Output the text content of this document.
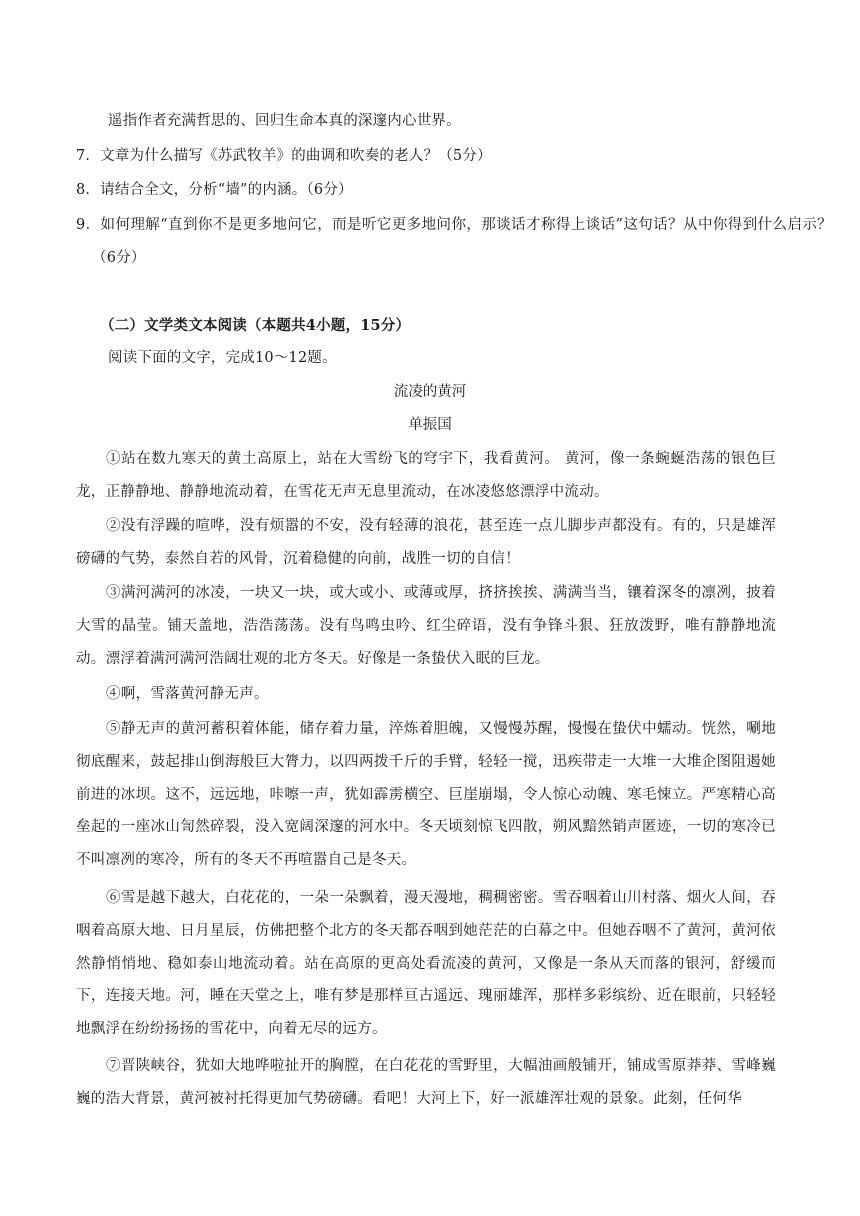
遥指作者充满哲思的、回归生命本真的深邃内心世界。
7．文章为什么描写《苏武牧羊》的曲调和吹奏的老人？（5分）
8．请结合全文，分析“墙”的内涵。（6分）
9．如何理解“直到你不是更多地问它，而是听它更多地问你，那谈话才称得上谈话”这句话？从中你得到什么启示？（6分）
（二）文学类文本阅读（本题共4小题，15分）
阅读下面的文字，完成10～12题。
流凌的黄河
单振国
①站在数九寒天的黄土高原上，站在大雪纷飞的穹宇下，我看黄河。 黄河，像一条蜿蜒浩荡的银色巨龙，正静静地、静静地流动着，在雪花无声无息里流动，在冰凌悠悠漂浮中流动。
②没有浮躁的喧哗，没有烦嚣的不安，没有轻薄的浪花，甚至连一点儿脚步声都没有。有的，只是雄浑磅礴的气势，泰然自若的风骨，沉着稳健的向前，战胜一切的自信！
③满河满河的冰凌，一块又一块，或大或小、或薄或厚，挤挤挨挨、满满当当，镶着深冬的凛冽，披着大雪的晶莹。铺天盖地，浩浩荡荡。没有鸟鸣虫吟、红尘碎语，没有争锋斗狠、狂放泼野，唯有静静地流动。漂浮着满河满河浩阔壮观的北方冬天。好像是一条蛰伏入眠的巨龙。
④啊，雪落黄河静无声。
⑤静无声的黄河蓄积着体能，储存着力量，淬炼着胆魄，又慢慢苏醒，慢慢在蛰伏中蠕动。恍然，唰地彻底醒来，鼓起排山倒海般巨大膂力，以四两拨千斤的手臂，轻轻一搅，迅疾带走一大堆一大堆企图阻遏她前进的冰坝。这不，远远地，咔嚓一声，犹如霹雳横空、巨崖崩塌，令人惊心动魄、寒毛悚立。严寒精心高垒起的一座冰山訇然碎裂，没入宽阔深邃的河水中。冬天顷刻惊飞四散，朔风黯然销声匿迹，一切的寒冷已不叫凛冽的寒冷，所有的冬天不再喧嚣自己是冬天。
⑥雪是越下越大，白花花的，一朵一朵飘着，漫天漫地，稠稠密密。雪吞咽着山川村落、烟火人间，吞咽着高原大地、日月星辰，仿佛把整个北方的冬天都吞咽到她茫茫的白幕之中。但她吞咽不了黄河，黄河依然静悄悄地、稳如泰山地流动着。站在高原的更高处看流凌的黄河，又像是一条从天而落的银河，舒缓而下，连接天地。河，睡在天堂之上，唯有梦是那样亘古遥远、瑰丽雄浑，那样多彩缤纷、近在眼前，只轻轻地飘浮在纷纷扬扬的雪花中，向着无尽的远方。
⑦晋陕峡谷，犹如大地哗啦扯开的胸膛，在白花花的雪野里，大幅油画般铺开，铺成雪原莽莽、雪峰巍巍的浩大背景，黄河被衬托得更加气势磅礴。看吧！大河上下，好一派雄浑壮观的景象。此刻，任何华
